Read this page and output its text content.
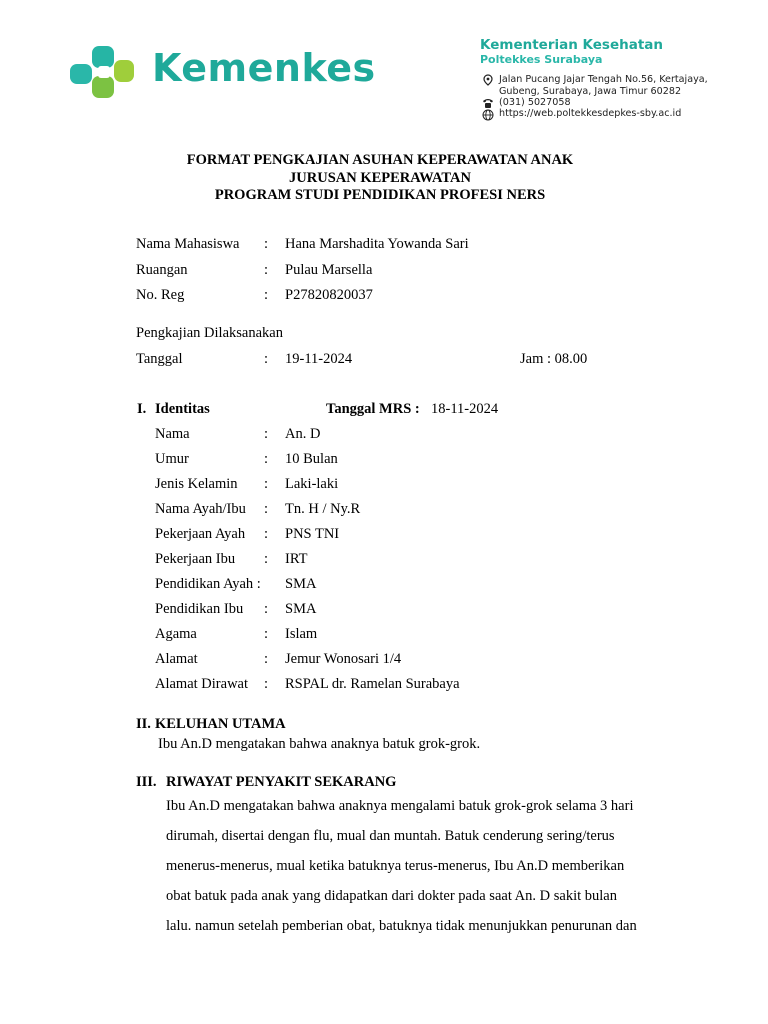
Kemenkes
Kementerian Kesehatan
Poltekkes Surabaya
Jalan Pucang Jajar Tengah No.56, Kertajaya,
Gubeng, Surabaya, Jawa Timur 60282
(031) 5027058
https://web.poltekkesdepkes-sby.ac.id
FORMAT PENGKAJIAN ASUHAN KEPERAWATAN ANAK
JURUSAN KEPERAWATAN
PROGRAM STUDI PENDIDIKAN PROFESI NERS
Nama Mahasiswa : Hana Marshadita Yowanda Sari
Ruangan	: Pulau Marsella
No. Reg	: P27820820037
Pengkajian Dilaksanakan
Tanggal	: 19-11-2024	Jam : 08.00
I. Identitas	Tanggal MRS : 18-11-2024
Nama	: An. D
Umur	: 10 Bulan
Jenis Kelamin : Laki-laki
Nama Ayah/Ibu : Tn. H / Ny.R
Pekerjaan Ayah : PNS TNI
Pekerjaan Ibu : IRT
Pendidikan Ayah : SMA
Pendidikan Ibu : SMA
Agama	: Islam
Alamat	: Jemur Wonosari 1/4
Alamat Dirawat : RSPAL dr. Ramelan Surabaya
II. KELUHAN UTAMA
Ibu An.D mengatakan bahwa anaknya batuk grok-grok.
III. RIWAYAT PENYAKIT SEKARANG
Ibu An.D mengatakan bahwa anaknya mengalami batuk grok-grok selama 3 hari
dirumah, disertai dengan flu, mual dan muntah. Batuk cenderung sering/terus
menerus-menerus, mual ketika batuknya terus-menerus, Ibu An.D memberikan
obat batuk pada anak yang didapatkan dari dokter pada saat An. D sakit bulan
lalu. namun setelah pemberian obat, batuknya tidak menunjukkan penurunan dan
